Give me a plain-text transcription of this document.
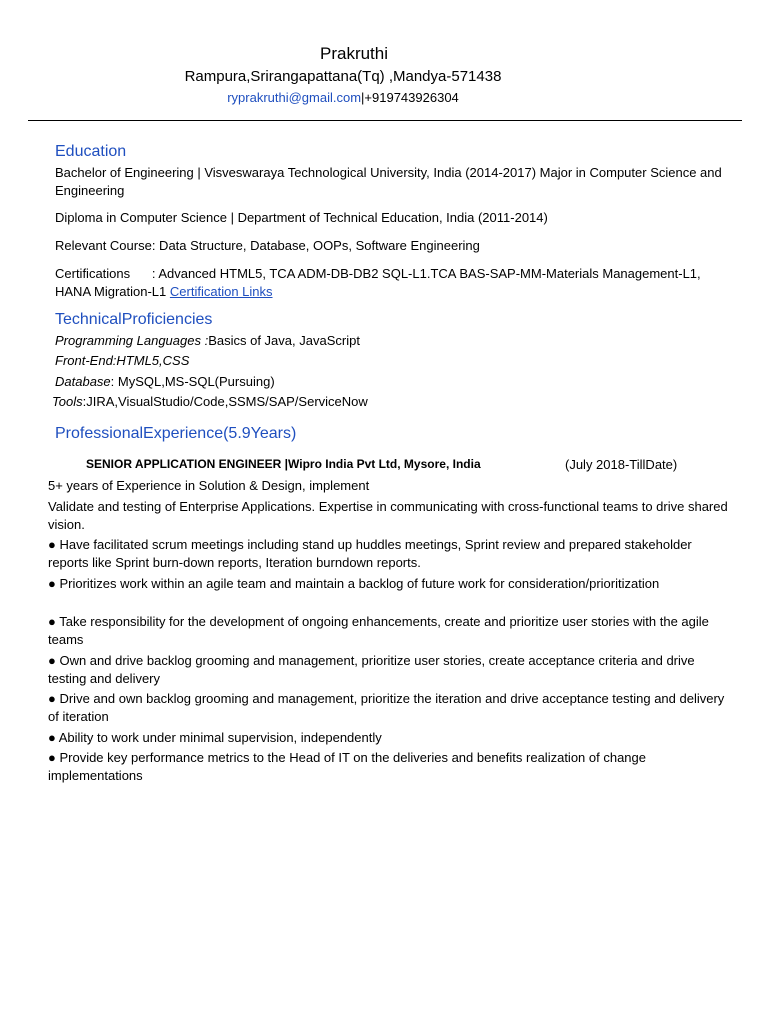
Prakruthi
Rampura,Srirangapattana(Tq) ,Mandya-571438
ryprakruthi@gmail.com|+919743926304
Education
Bachelor of Engineering | Visveswaraya Technological University, India (2014-2017) Major in Computer Science and Engineering
Diploma in Computer Science | Department of Technical Education, India (2011-2014)
Relevant Course: Data Structure, Database, OOPs, Software Engineering
Certifications : Advanced HTML5, TCA ADM-DB-DB2 SQL-L1.TCA BAS-SAP-MM-Materials Management-L1, HANA Migration-L1 Certification Links
TechnicalProficiencies
Programming Languages :Basics of Java, JavaScript
Front-End:HTML5,CSS
Database: MySQL,MS-SQL(Pursuing)
Tools:JIRA,VisualStudio/Code,SSMS/SAP/ServiceNow
ProfessionalExperience(5.9Years)
SENIOR APPLICATION ENGINEER |Wipro India Pvt Ltd, Mysore, India	(July 2018-TillDate)
5+ years of Experience in Solution & Design, implement
Validate and testing of Enterprise Applications. Expertise in communicating with cross-functional teams to drive shared vision.
● Have facilitated scrum meetings including stand up huddles meetings, Sprint review and prepared stakeholder reports like Sprint burn-down reports, Iteration burndown reports.
● Prioritizes work within an agile team and maintain a backlog of future work for consideration/prioritization
● Take responsibility for the development of ongoing enhancements, create and prioritize user stories with the agile teams
● Own and drive backlog grooming and management, prioritize user stories, create acceptance criteria and drive testing and delivery
● Drive and own backlog grooming and management, prioritize the iteration and drive acceptance testing and delivery of iteration
● Ability to work under minimal supervision, independently
● Provide key performance metrics to the Head of IT on the deliveries and benefits realization of change implementations
